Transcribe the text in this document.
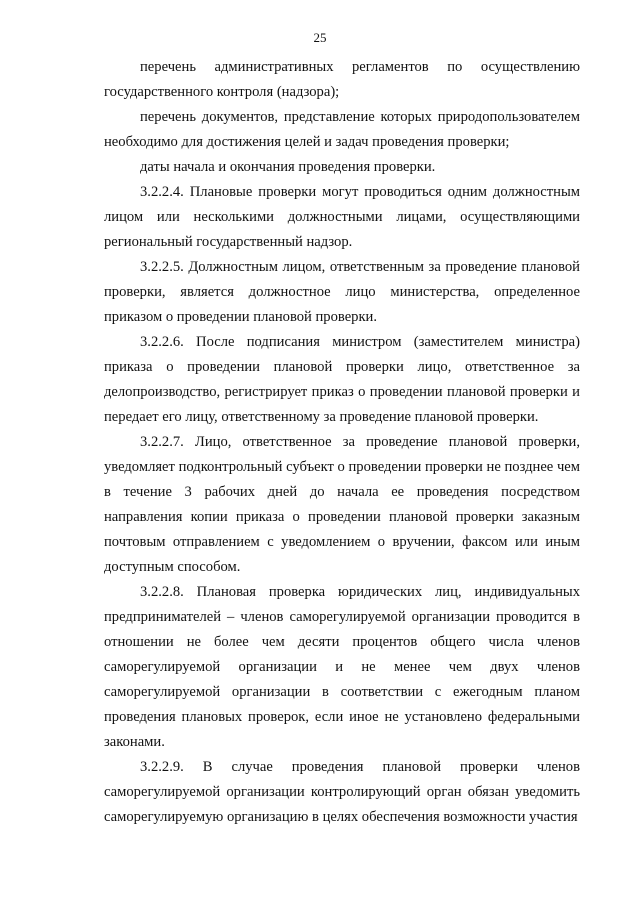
25

перечень административных регламентов по осуществлению государственного контроля (надзора);

перечень документов, представление которых природопользователем необходимо для достижения целей и задач проведения проверки;

даты начала и окончания проведения проверки.

3.2.2.4. Плановые проверки могут проводиться одним должностным лицом или несколькими должностными лицами, осуществляющими региональный государственный надзор.

3.2.2.5. Должностным лицом, ответственным за проведение плановой проверки, является должностное лицо министерства, определенное приказом о проведении плановой проверки.

3.2.2.6. После подписания министром (заместителем министра) приказа о проведении плановой проверки лицо, ответственное за делопроизводство, регистрирует приказ о проведении плановой проверки и передает его лицу, ответственному за проведение плановой проверки.

3.2.2.7. Лицо, ответственное за проведение плановой проверки, уведомляет подконтрольный субъект о проведении проверки не позднее чем в течение 3 рабочих дней до начала ее проведения посредством направления копии приказа о проведении плановой проверки заказным почтовым отправлением с уведомлением о вручении, факсом или иным доступным способом.

3.2.2.8. Плановая проверка юридических лиц, индивидуальных предпринимателей – членов саморегулируемой организации проводится в отношении не более чем десяти процентов общего числа членов саморегулируемой организации и не менее чем двух членов саморегулируемой организации в соответствии с ежегодным планом проведения плановых проверок, если иное не установлено федеральными законами.

3.2.2.9. В случае проведения плановой проверки членов саморегулируемой организации контролирующий орган обязан уведомить саморегулируемую организацию в целях обеспечения возможности участия
